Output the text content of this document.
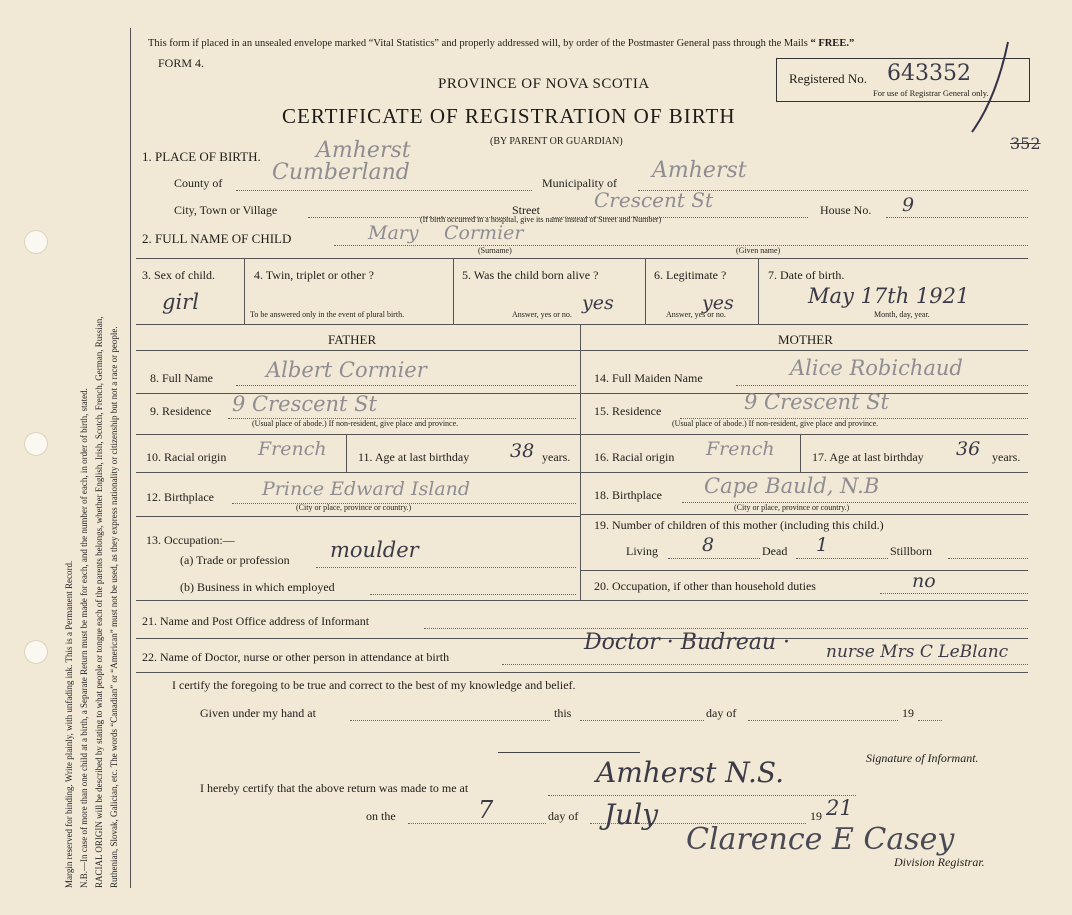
Margin reserved for binding. Write plainly, with unfading ink. This is a Permanent Record. N.B.—In case of more than one child at a birth, a Separate Return must be made for each, and the number of each, in order of birth, stated. RACIAL ORIGIN will be described by stating to what people or tongue each of the parents belongs, whether English, Irish, Scotch, French, German, Russian, Ruthenian, Slovak, Galician, etc. The words “Canadian” or “American” must not be used, as they express nationality or citizenship but not a race or people.
This form if placed in an unsealed envelope marked “Vital Statistics” and properly addressed will, by order of the Postmaster General pass through the Mails “ FREE.”
FORM 4.
PROVINCE OF NOVA SCOTIA
CERTIFICATE OF REGISTRATION OF BIRTH
(BY PARENT OR GUARDIAN)
Registered No. 643352
For use of Registrar General only.
352
1. PLACE OF BIRTH.	Amherst
County of Cumberland	Municipality of Amherst
City, Town or Village	Street	Crescent St	House No. 9
(If birth occurred in a hospital, give its name instead of Street and Number)
2. FULL NAME OF CHILD	Mary Cormier
(Surname)	(Given name)
3. Sex of child.
girl
4. Twin, triplet or other ?
To be answered only in the event of plural birth.
5. Was the child born alive ?
yes
Answer, yes or no.
6. Legitimate ?
yes
Answer, yes or no.
7. Date of birth.
May 17th 1921
Month, day, year.
FATHER	MOTHER
8. Full Name	Albert Cormier
9. Residence 9 Crescent St
(Usual place of abode.) If non-resident, give place and province.
10. Racial origin French	11. Age at last birthday 38 years.
12. Birthplace	Prince Edward Island
(City or place, province or country.)
13. Occupation:—
(a) Trade or profession moulder
(b) Business in which employed
14. Full Maiden Name	Alice Robichaud
15. Residence	9 Crescent St
(Usual place of abode.) If non-resident, give place and province.
16. Racial origin French	17. Age at last birthday 36 years.
18. Birthplace Cape Bauld, N.B
(City or place, province or country.)
19. Number of children of this mother (including this child.)
Living 8	Dead 1	Stillborn
20. Occupation, if other than household duties	no
21. Name and Post Office address of Informant
22. Name of Doctor, nurse or other person in attendance at birth
Doctor · Budreau · nurse Mrs C LeBlanc
I certify the foregoing to be true and correct to the best of my knowledge and belief.
Given under my hand at	this	day of	19
Signature of Informant.
I hereby certify that the above return was made to me at	Amherst N.S.
on the	7	day of July	19 21
Clarence E Casey
Division Registrar.
